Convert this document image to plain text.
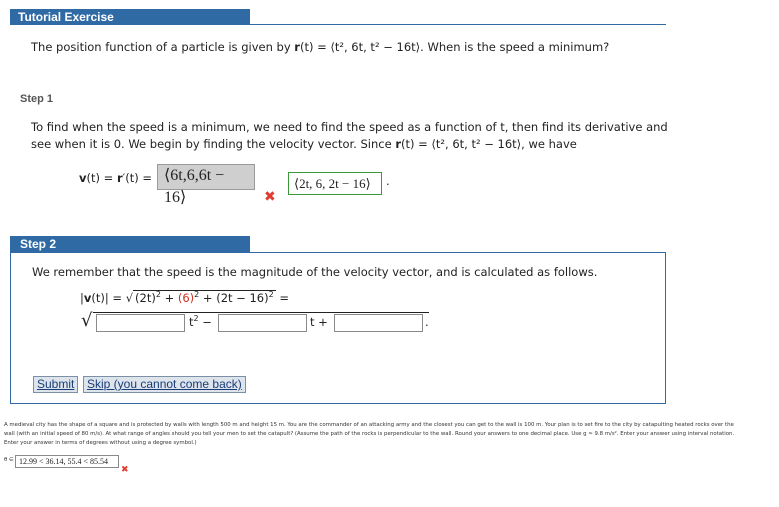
Tutorial Exercise
The position function of a particle is given by r(t) = ⟨t², 6t, t² − 16t⟩. When is the speed a minimum?
Step 1
To find when the speed is a minimum, we need to find the speed as a function of t, then find its derivative and
see when it is 0. We begin by finding the velocity vector. Since r(t) = ⟨t², 6t, t² − 16t⟩, we have
v(t) = r′(t) = ⟨6t,6,6t − 16⟩	✖
⟨2t, 6, 2t − 16⟩	.
Step 2
We remember that the speed is the magnitude of the velocity vector, and is calculated as follows.
|v(t)| = √ $(2t)^2 + (6)^2 + (2t - 16)^2$ =
√	$t^2$ −	t +	.
Submit	Skip (you cannot come back)
A medieval city has the shape of a square and is protected by walls with length 500 m and height 15 m. You are the commander of an attacking army and the closest you can get to the wall is 100 m. Your plan is to set fire to the city by catapulting heated rocks over the
wall (with an initial speed of 80 m/s). At what range of angles should you tell your men to set the catapult? (Assume the path of the rocks is perpendicular to the wall. Round your answers to one decimal place. Use g ≈ 9.8 m/s². Enter your answer using interval notation.
Enter your answer in terms of degrees without using a degree symbol.)
θ ∈ 12.99 < 36.14, 55.4 < 85.54
✖
